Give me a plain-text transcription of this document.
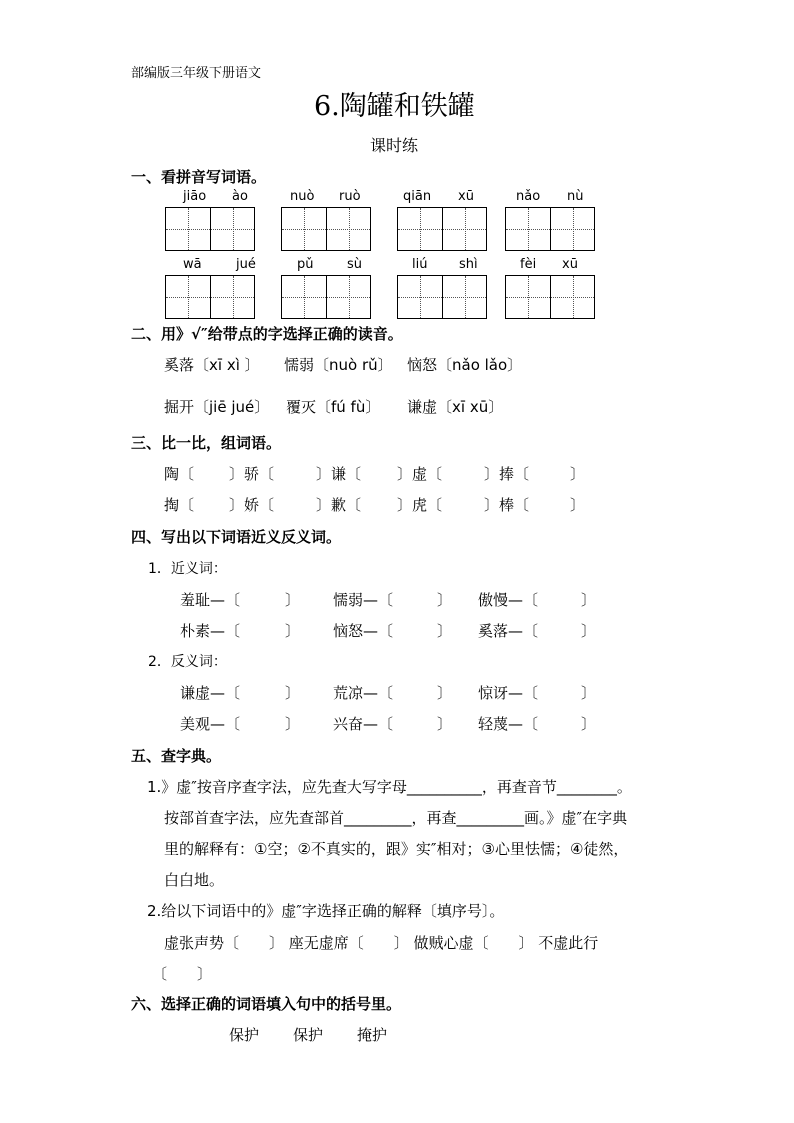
部编版三年级下册语文
6.陶罐和铁罐
课时练
一、看拼音写词语。
jiāo ào	nuò ruò	qiān xū	nǎo nù
wā	jué	pǔ	sù	liú shì	fèi xū
二、用》√″给带点的字选择正确的读音。
奚落〔xī xì 〕 懦弱〔nuò rǔ〕 恼怒〔nǎo lǎo〕
掘开〔jiē jué〕 覆灭〔fú fù〕 谦虚〔xī xū〕
三、比一比，组词语。
陶〔 〕骄〔	〕谦〔 〕虚〔	〕捧〔	〕
掏〔 〕娇〔	〕歉〔 〕虎〔	〕棒〔	〕
四、写出以下词语近义反义词。
1．近义词：
羞耻—〔	〕 懦弱—〔	〕 傲慢—〔	〕
朴素—〔	〕 恼怒—〔	〕 奚落—〔	〕
2．反义词：
谦虚—〔	〕 荒凉—〔	〕 惊讶—〔	〕
美观—〔	〕 兴奋—〔	〕 轻蔑—〔	〕
五、查字典。
1.》虚″按音序查字法，应先查大写字母__________，再查音节________。
按部首查字法，应先查部首_________，再查_________画。》虚″在字典
里的解释有：①空；②不真实的，跟》实″相对；③心里怯懦；④徒然，
白白地。
2.给以下词语中的》虚″字选择正确的解释〔填序号〕。
虚张声势〔　　〕 座无虚席〔　　〕 做贼心虚〔　　〕 不虚此行
〔　　〕
六、选择正确的词语填入句中的括号里。
保护 保护 掩护
